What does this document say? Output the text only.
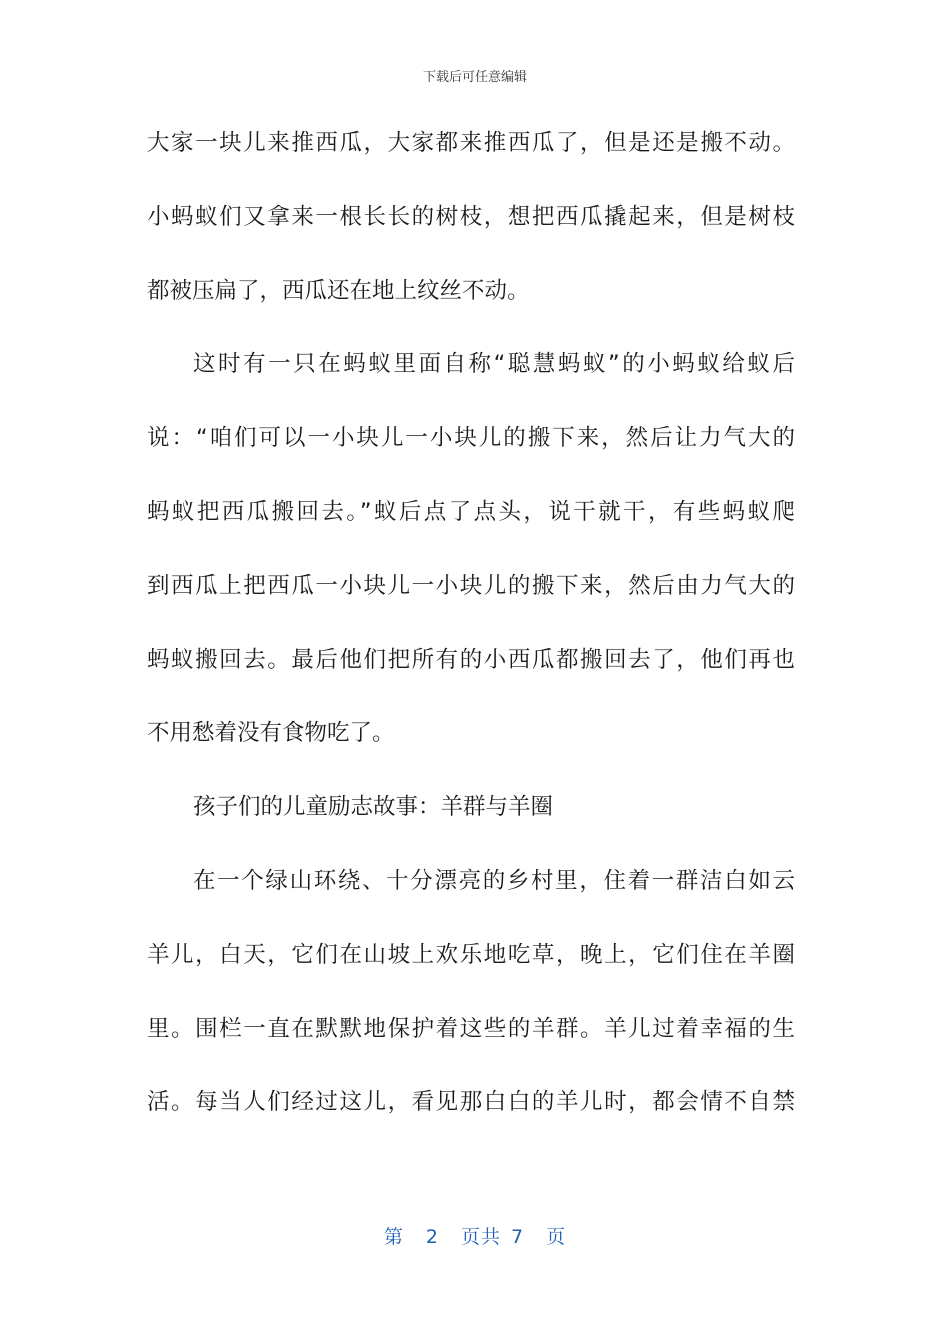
下载后可任意编辑
大家一块儿来推西瓜，大家都来推西瓜了，但是还是搬不动。
小蚂蚁们又拿来一根长长的树枝，想把西瓜撬起来，但是树枝
都被压扁了，西瓜还在地上纹丝不动。
这时有一只在蚂蚁里面自称“聪慧蚂蚁”的小蚂蚁给蚁后
说：“咱们可以一小块儿一小块儿的搬下来，然后让力气大的
蚂蚁把西瓜搬回去。”蚁后点了点头，说干就干，有些蚂蚁爬
到西瓜上把西瓜一小块儿一小块儿的搬下来，然后由力气大的
蚂蚁搬回去。最后他们把所有的小西瓜都搬回去了，他们再也
不用愁着没有食物吃了。
孩子们的儿童励志故事：羊群与羊圈
在一个绿山环绕、十分漂亮的乡村里，住着一群洁白如云
羊儿，白天，它们在山坡上欢乐地吃草，晚上，它们住在羊圈
里。围栏一直在默默地保护着这些的羊群。羊儿过着幸福的生
活。每当人们经过这儿，看见那白白的羊儿时，都会情不自禁
第 2 页共 7 页
